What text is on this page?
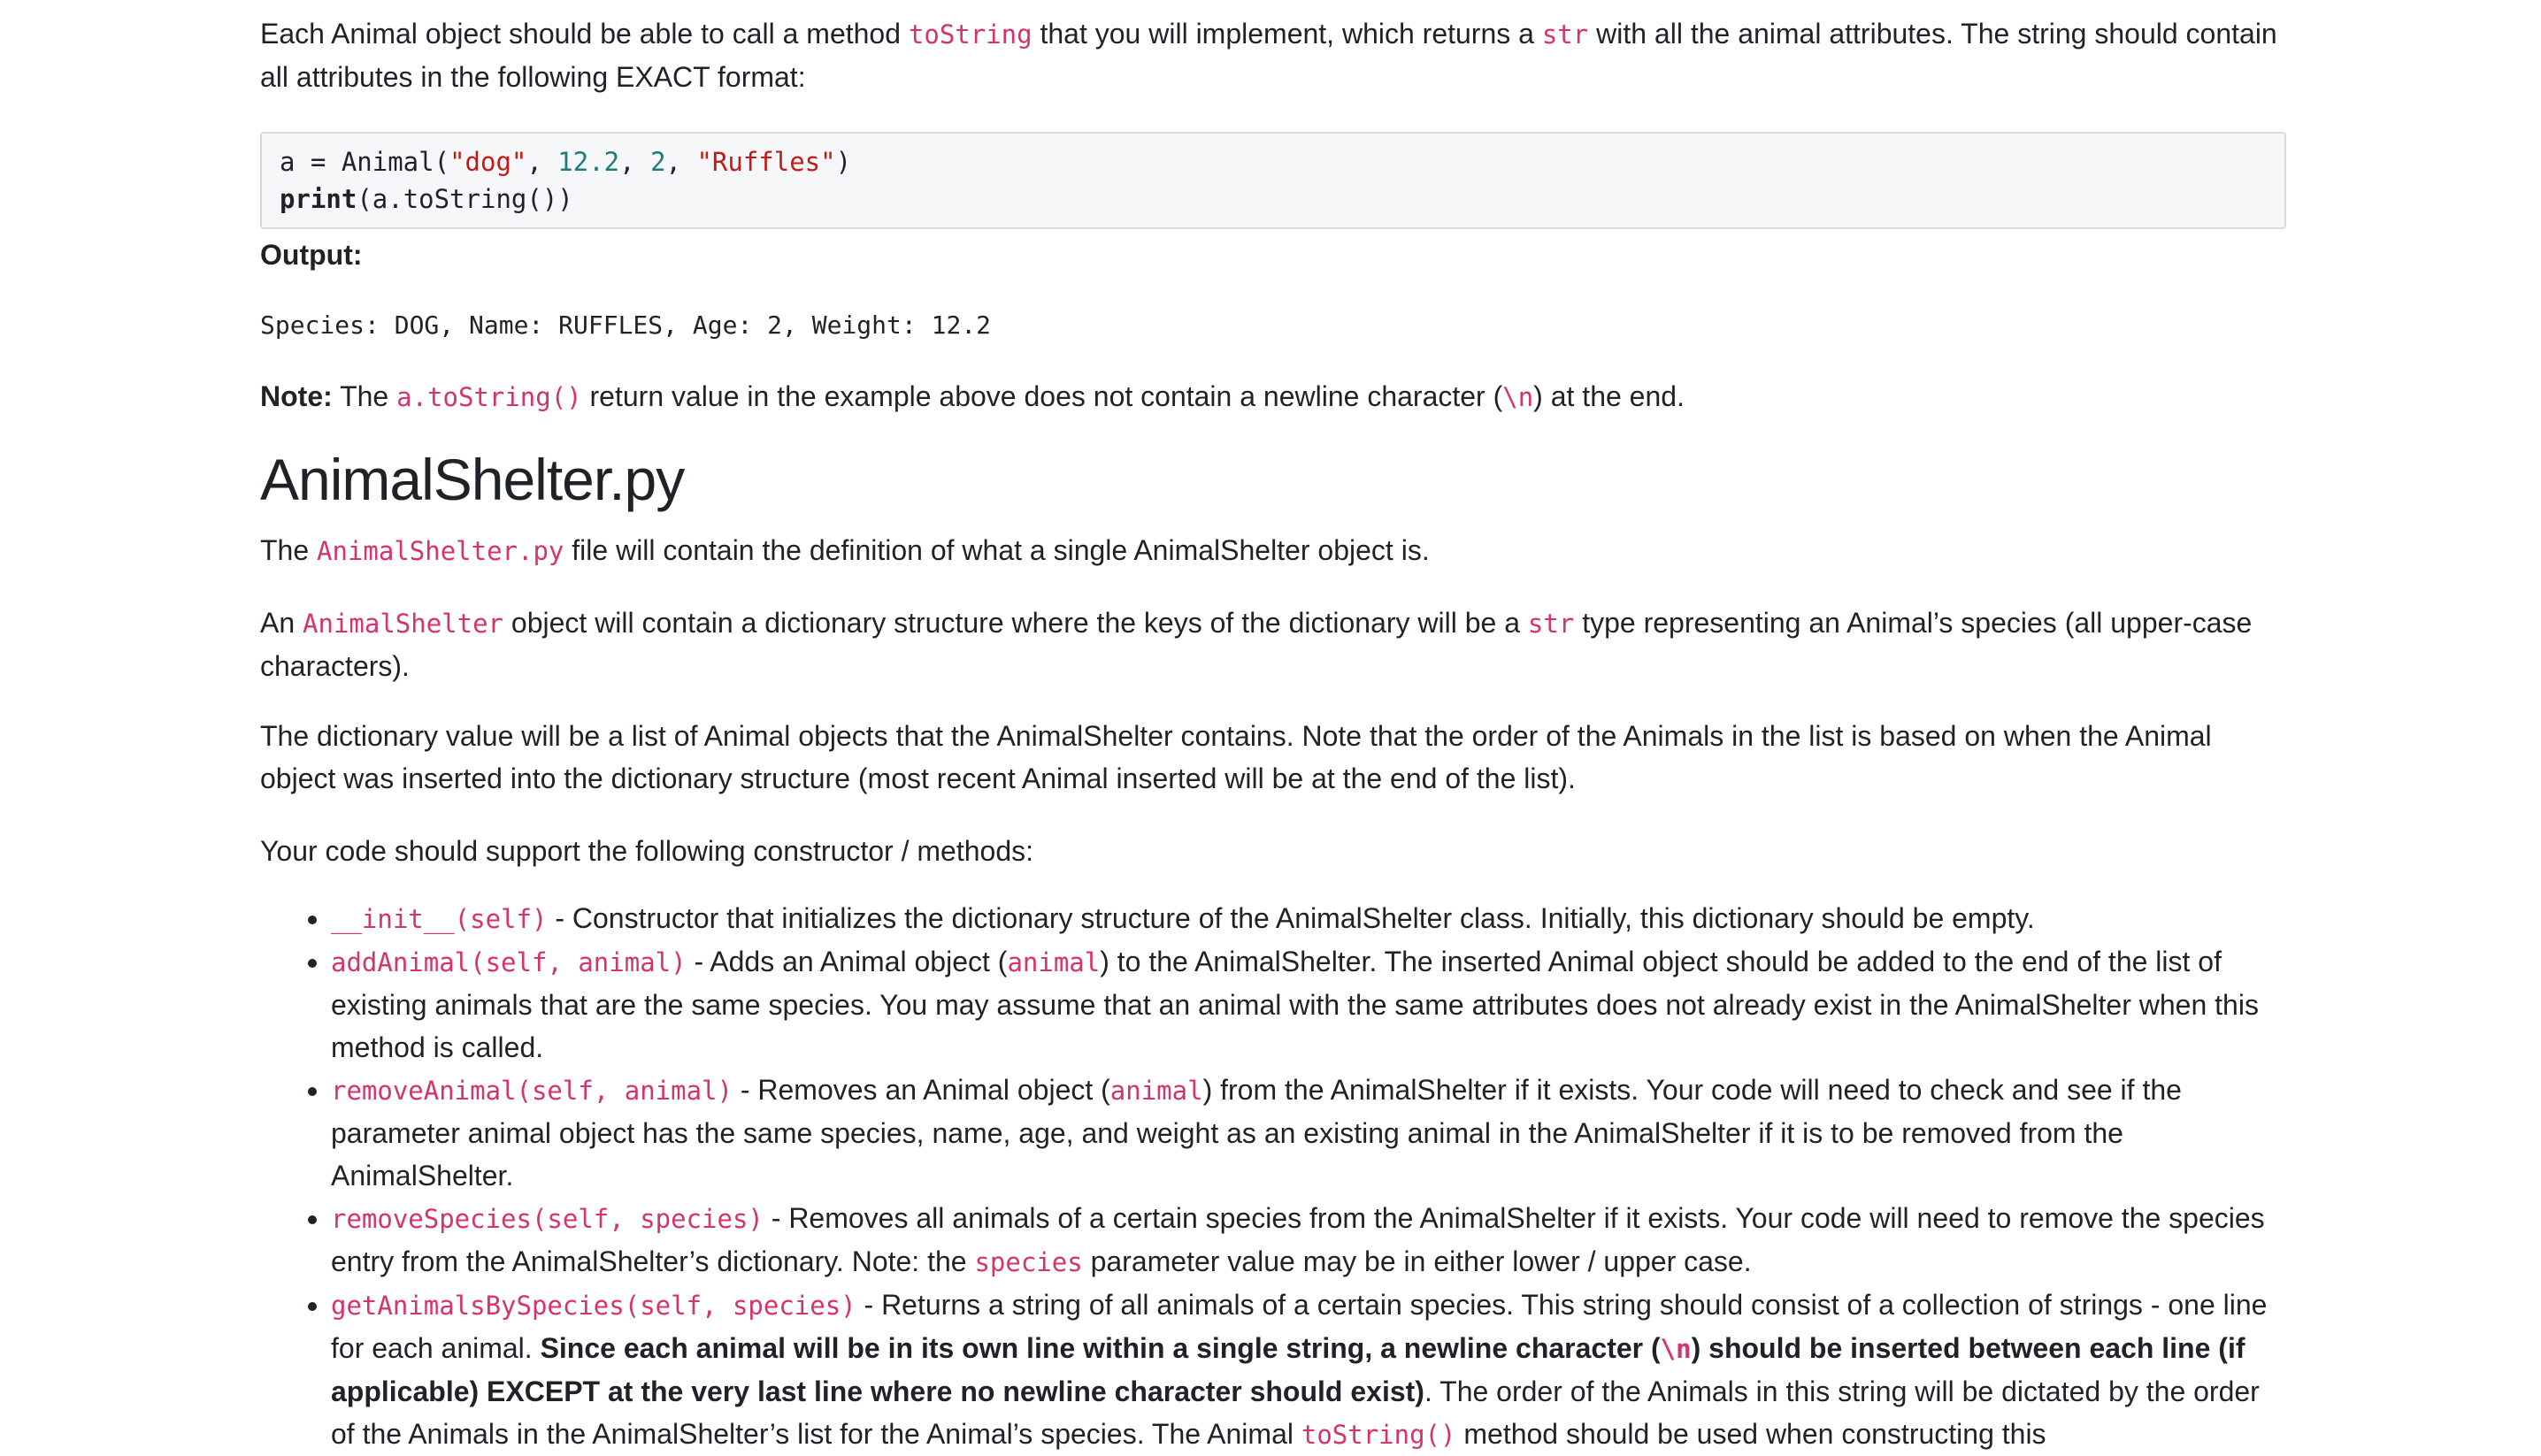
Each Animal object should be able to call a method toString that you will implement, which returns a str with all the animal attributes. The string should contain all attributes in the following EXACT format:

a = Animal("dog", 12.2, 2, "Ruffles")
print(a.toString())

Output:

Species: DOG, Name: RUFFLES, Age: 2, Weight: 12.2

Note: The a.toString() return value in the example above does not contain a newline character (\n) at the end.

AnimalShelter.py

The AnimalShelter.py file will contain the definition of what a single AnimalShelter object is.

An AnimalShelter object will contain a dictionary structure where the keys of the dictionary will be a str type representing an Animal’s species (all upper-case characters).

The dictionary value will be a list of Animal objects that the AnimalShelter contains. Note that the order of the Animals in the list is based on when the Animal object was inserted into the dictionary structure (most recent Animal inserted will be at the end of the list).

Your code should support the following constructor / methods:

• __init__(self) - Constructor that initializes the dictionary structure of the AnimalShelter class. Initially, this dictionary should be empty.
• addAnimal(self, animal) - Adds an Animal object (animal) to the AnimalShelter. The inserted Animal object should be added to the end of the list of existing animals that are the same species. You may assume that an animal with the same attributes does not already exist in the AnimalShelter when this method is called.
• removeAnimal(self, animal) - Removes an Animal object (animal) from the AnimalShelter if it exists. Your code will need to check and see if the parameter animal object has the same species, name, age, and weight as an existing animal in the AnimalShelter if it is to be removed from the AnimalShelter.
• removeSpecies(self, species) - Removes all animals of a certain species from the AnimalShelter if it exists. Your code will need to remove the species entry from the AnimalShelter’s dictionary. Note: the species parameter value may be in either lower / upper case.
• getAnimalsBySpecies(self, species) - Returns a string of all animals of a certain species. This string should consist of a collection of strings - one line for each animal. Since each animal will be in its own line within a single string, a newline character (\n) should be inserted between each line (if applicable) EXCEPT at the very last line where no newline character should exist). The order of the Animals in this string will be dictated by the order of the Animals in the AnimalShelter’s list for the Animal’s species. The Animal toString() method should be used when constructing this
